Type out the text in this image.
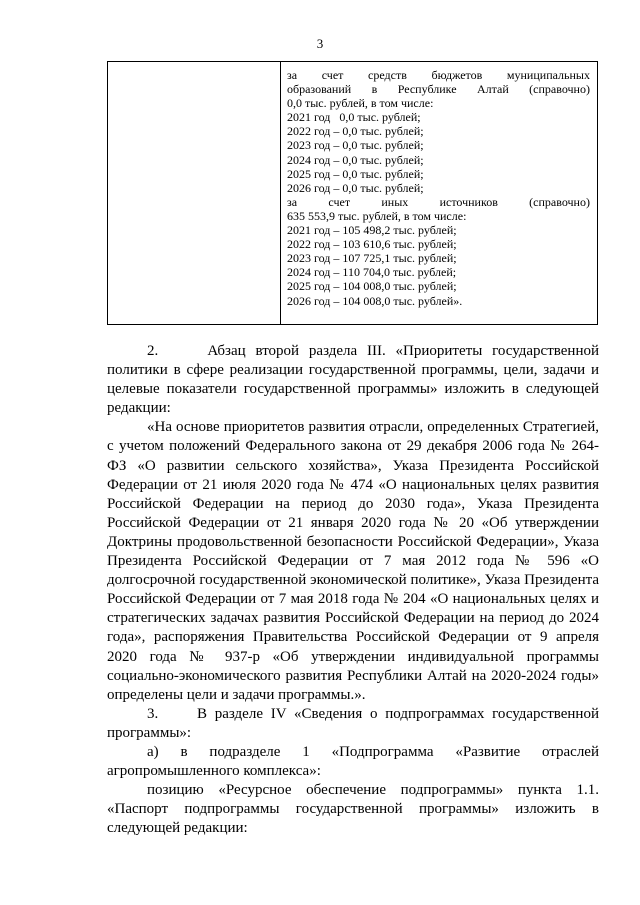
3
за счет средств бюджетов муниципальных
образований в Республике Алтай (справочно)
0,0 тыс. рублей, в том числе:
2021 год   0,0 тыс. рублей;
2022 год – 0,0 тыс. рублей;
2023 год – 0,0 тыс. рублей;
2024 год – 0,0 тыс. рублей;
2025 год – 0,0 тыс. рублей;
2026 год – 0,0 тыс. рублей;
за	счет	иных	источников	(справочно)
635 553,9 тыс. рублей, в том числе:
2021 год – 105 498,2 тыс. рублей;
2022 год – 103 610,6 тыс. рублей;
2023 год – 107 725,1 тыс. рублей;
2024 год – 110 704,0 тыс. рублей;
2025 год – 104 008,0 тыс. рублей;
2026 год – 104 008,0 тыс. рублей».

2.     Абзац второй раздела III. «Приоритеты государственной политики в сфере реализации государственной программы, цели, задачи и целевые показатели государственной программы» изложить в следующей редакции:

«На основе приоритетов развития отрасли, определенных Стратегией, с учетом положений Федерального закона от 29 декабря 2006 года № 264-ФЗ «О развитии сельского хозяйства», Указа Президента Российской Федерации от 21 июля 2020 года № 474 «О национальных целях развития Российской Федерации на период до 2030 года», Указа Президента Российской Федерации от 21 января 2020 года № 20 «Об утверждении Доктрины продовольственной безопасности Российской Федерации», Указа Президента Российской Федерации от 7 мая 2012 года № 596 «О долгосрочной государственной экономической политике», Указа Президента Российской Федерации от 7 мая 2018 года № 204 «О национальных целях и стратегических задачах развития Российской Федерации на период до 2024 года», распоряжения Правительства Российской Федерации от 9 апреля 2020 года № 937-р «Об утверждении индивидуальной программы социально-экономического развития Республики Алтай на 2020-2024 годы» определены цели и задачи программы.».

3.     В разделе IV «Сведения о подпрограммах государственной программы»:

а)  в  подразделе  1  «Подпрограмма  «Развитие  отраслей агропромышленного комплекса»:

позицию «Ресурсное обеспечение подпрограммы» пункта 1.1. «Паспорт подпрограммы государственной программы» изложить в следующей редакции:
